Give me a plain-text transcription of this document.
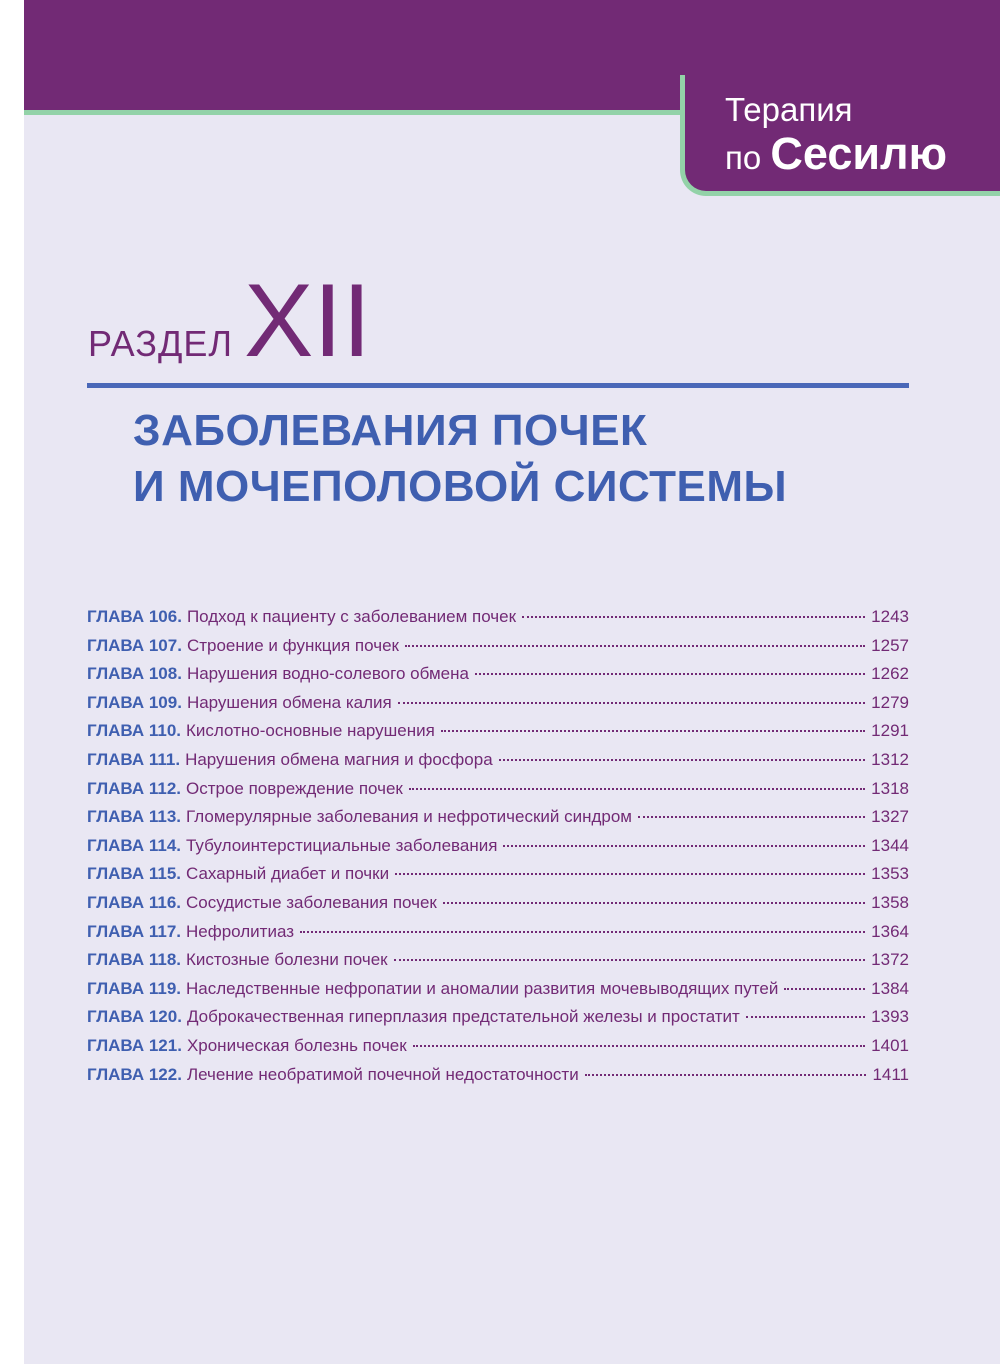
Терапия
по Сесилю
РАЗДЕЛ XII
ЗАБОЛЕВАНИЯ ПОЧЕК
И МОЧЕПОЛОВОЙ СИСТЕМЫ
ГЛАВА 106. Подход к пациенту с заболеванием почек	1243
ГЛАВА 107. Строение и функция почек	1257
ГЛАВА 108. Нарушения водно-солевого обмена	1262
ГЛАВА 109. Нарушения обмена калия	1279
ГЛАВА 110. Кислотно-основные нарушения	1291
ГЛАВА 111. Нарушения обмена магния и фосфора	1312
ГЛАВА 112. Острое повреждение почек	1318
ГЛАВА 113. Гломерулярные заболевания и нефротический синдром	1327
ГЛАВА 114. Тубулоинтерстициальные заболевания	1344
ГЛАВА 115. Сахарный диабет и почки	1353
ГЛАВА 116. Сосудистые заболевания почек	1358
ГЛАВА 117. Нефролитиаз	1364
ГЛАВА 118. Кистозные болезни почек	1372
ГЛАВА 119. Наследственные нефропатии и аномалии развития мочевыводящих путей	1384
ГЛАВА 120. Доброкачественная гиперплазия предстательной железы и простатит	1393
ГЛАВА 121. Хроническая болезнь почек	1401
ГЛАВА 122. Лечение необратимой почечной недостаточности	1411
